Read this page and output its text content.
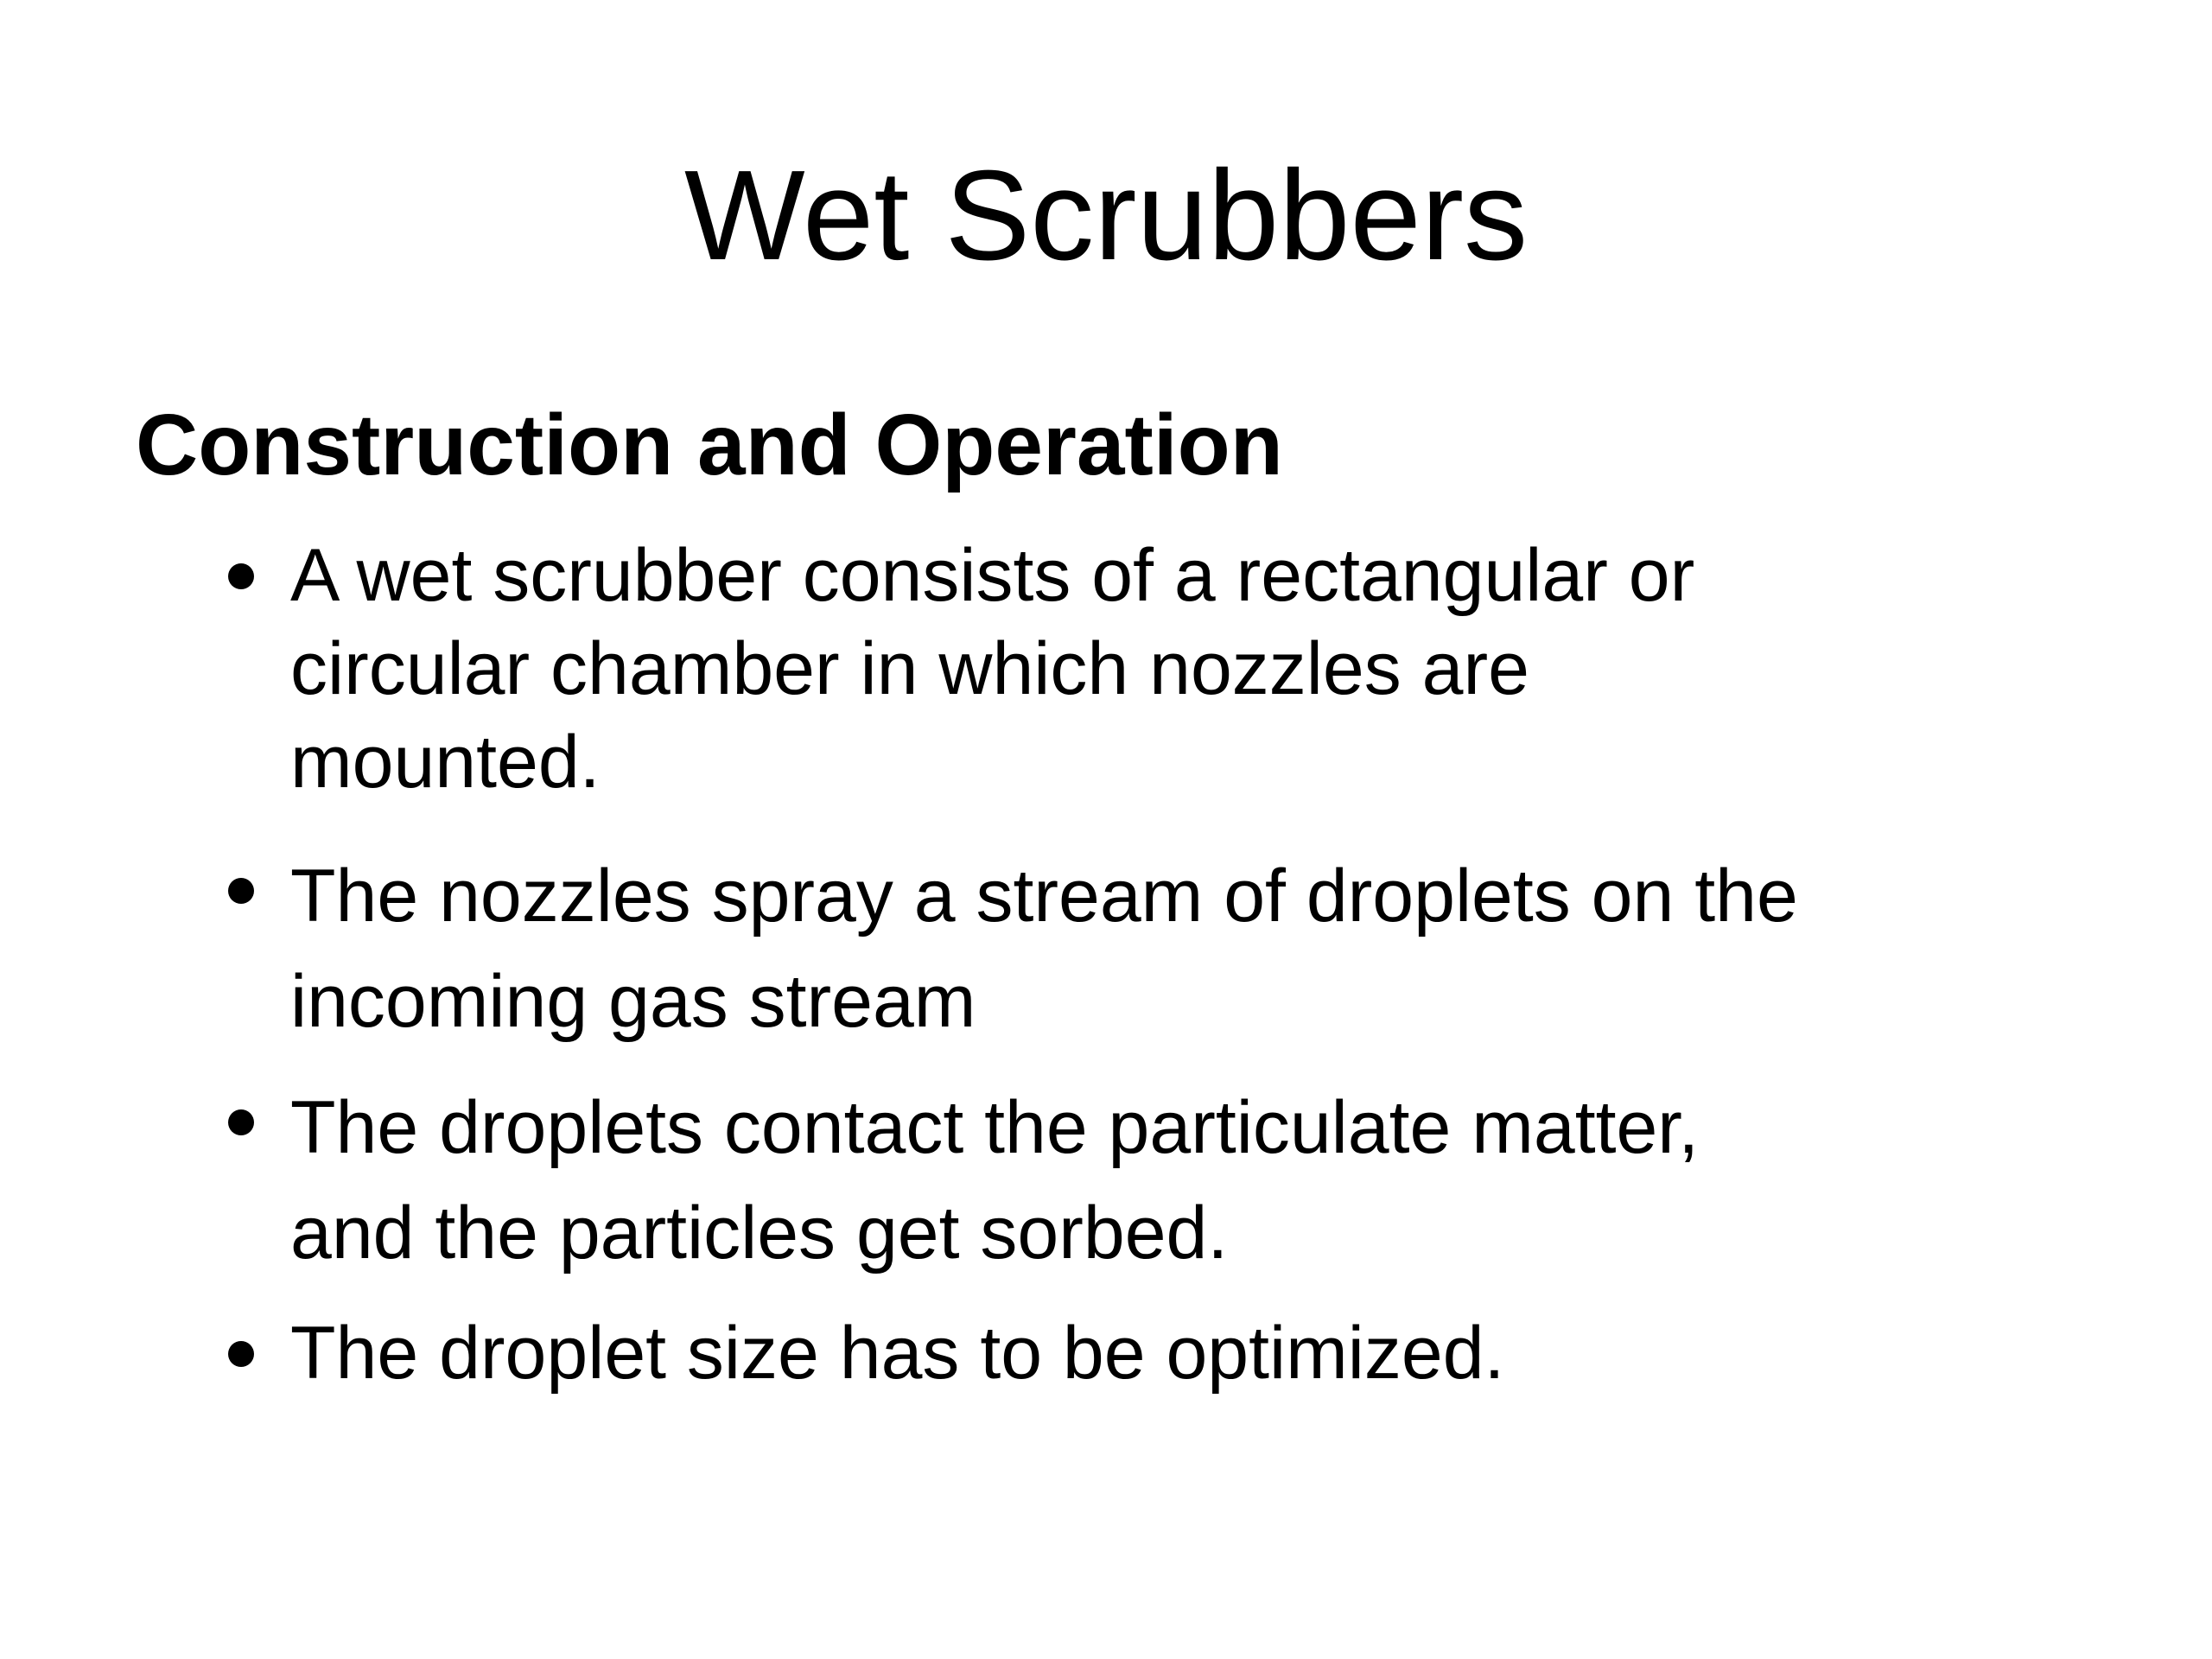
Wet Scrubbers
Construction and Operation
A wet scrubber consists of a rectangular or
circular chamber in which nozzles are
mounted.
The nozzles spray a stream of droplets on the
incoming gas stream
The droplets contact the particulate matter,
and the particles get sorbed.
The droplet size has to be optimized.
